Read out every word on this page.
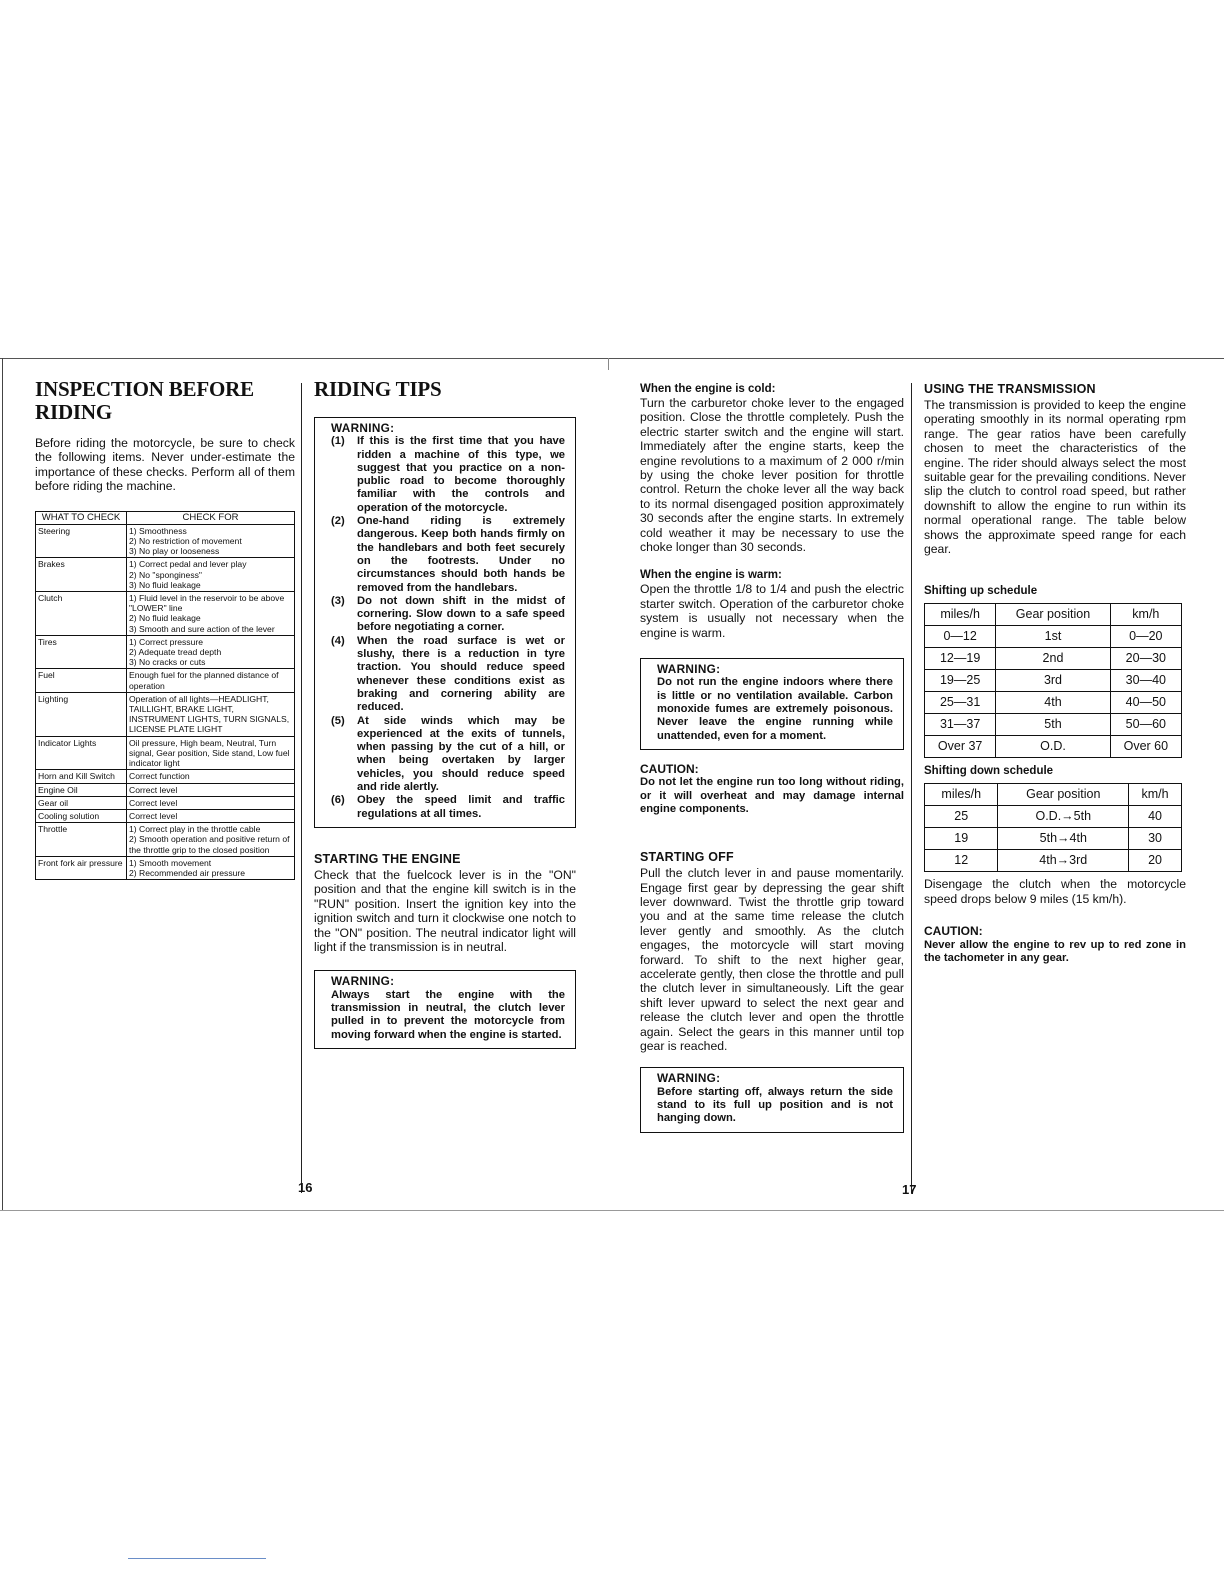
INSPECTION BEFORE RIDING

Before riding the motorcycle, be sure to check the following items. Never under-estimate the importance of these checks. Perform all of them before riding the machine.

WHAT TO CHECK	CHECK FOR
Steering	1) Smoothness
2) No restriction of movement
3) No play or looseness

Brakes	1) Correct pedal and lever play
2) No "sponginess"
3) No fluid leakage

Clutch	1) Fluid level in the reservoir to be above "LOWER" line
2) No fluid leakage
3) Smooth and sure action of the lever

Tires	1) Correct pressure
2) Adequate tread depth
3) No cracks or cuts

Fuel	Enough fuel for the planned distance of operation

Lighting	Operation of all lights—HEADLIGHT, TAILLIGHT, BRAKE LIGHT, INSTRUMENT LIGHTS, TURN SIGNALS, LICENSE PLATE LIGHT

Indicator Lights	Oil pressure, High beam, Neutral, Turn signal, Gear position, Side stand, Low fuel indicator light

Horn and Kill Switch	Correct function

Engine Oil	Correct level

Gear oil	Correct level

Cooling solution	Correct level

Throttle	1) Correct play in the throttle cable
2) Smooth operation and positive return of the throttle grip to the closed position

Front fork air pressure	1) Smooth movement
2) Recommended air pressure
RIDING TIPS
WARNING:
(1)	If this is the first time that you have ridden a machine of this type, we suggest that you practice on a non-public road to become thoroughly familiar with the controls and operation of the motorcycle.
(2)	One-hand riding is extremely dangerous. Keep both hands firmly on the handlebars and both feet securely on the footrests. Under no circumstances should both hands be removed from the handlebars.
(3)	Do not down shift in the midst of cornering. Slow down to a safe speed before negotiating a corner.
(4)	When the road surface is wet or slushy, there is a reduction in tyre traction. You should reduce speed whenever these conditions exist as braking and cornering ability are reduced.
(5)	At side winds which may be experienced at the exits of tunnels, when passing by the cut of a hill, or when being overtaken by larger vehicles, you should reduce speed and ride alertly.
(6)	Obey the speed limit and traffic regulations at all times.
STARTING THE ENGINE

Check that the fuelcock lever is in the "ON" position and that the engine kill switch is in the "RUN" position. Insert the ignition key into the ignition switch and turn it clockwise one notch to the "ON" position. The neutral indicator light will light if the transmission is in neutral.

WARNING:
Always start the engine with the transmission in neutral, the clutch lever pulled in to prevent the motorcycle from moving forward when the engine is started.
When the engine is cold:

Turn the carburetor choke lever to the engaged position. Close the throttle completely. Push the electric starter switch and the engine will start. Immediately after the engine starts, keep the engine revolutions to a maximum of 2 000 r/min by using the choke lever position for throttle control. Return the choke lever all the way back to its normal disengaged position approximately 30 seconds after the engine starts. In extremely cold weather it may be necessary to use the choke longer than 30 seconds.

When the engine is warm:

Open the throttle 1/8 to 1/4 and push the electric starter switch. Operation of the carburetor choke system is usually not necessary when the engine is warm.

WARNING:
Do not run the engine indoors where there is little or no ventilation available. Carbon monoxide fumes are extremely poisonous. Never leave the engine running while unattended, even for a moment.
CAUTION:
Do not let the engine run too long without riding, or it will overheat and may damage internal engine components.
STARTING OFF

Pull the clutch lever in and pause momentarily. Engage first gear by depressing the gear shift lever downward. Twist the throttle grip toward you and at the same time release the clutch lever gently and smoothly. As the clutch engages, the motorcycle will start moving forward. To shift to the next higher gear, accelerate gently, then close the throttle and pull the clutch lever in simultaneously. Lift the gear shift lever upward to select the next gear and release the clutch lever and open the throttle again. Select the gears in this manner until top gear is reached.

WARNING:
Before starting off, always return the side stand to its full up position and is not hanging down.
USING THE TRANSMISSION

The transmission is provided to keep the engine operating smoothly in its normal operating rpm range. The gear ratios have been carefully chosen to meet the characteristics of the engine. The rider should always select the most suitable gear for the prevailing conditions. Never slip the clutch to control road speed, but rather downshift to allow the engine to run within its normal operational range. The table below shows the approximate speed range for each gear.

Shifting up schedule
miles/h	Gear position	km/h
0—12	1st	0—20
12—19	2nd	20—30
19—25	3rd	30—40
25—31	4th	40—50
31—37	5th	50—60
Over 37	O.D.	Over 60
Shifting down schedule
miles/h	Gear position	km/h
25	O.D.→5th	40
19	5th→4th	30
12	4th→3rd	20

Disengage the clutch when the motorcycle speed drops below 9 miles (15 km/h).

CAUTION:
Never allow the engine to rev up to red zone in the tachometer in any gear.
16	17
